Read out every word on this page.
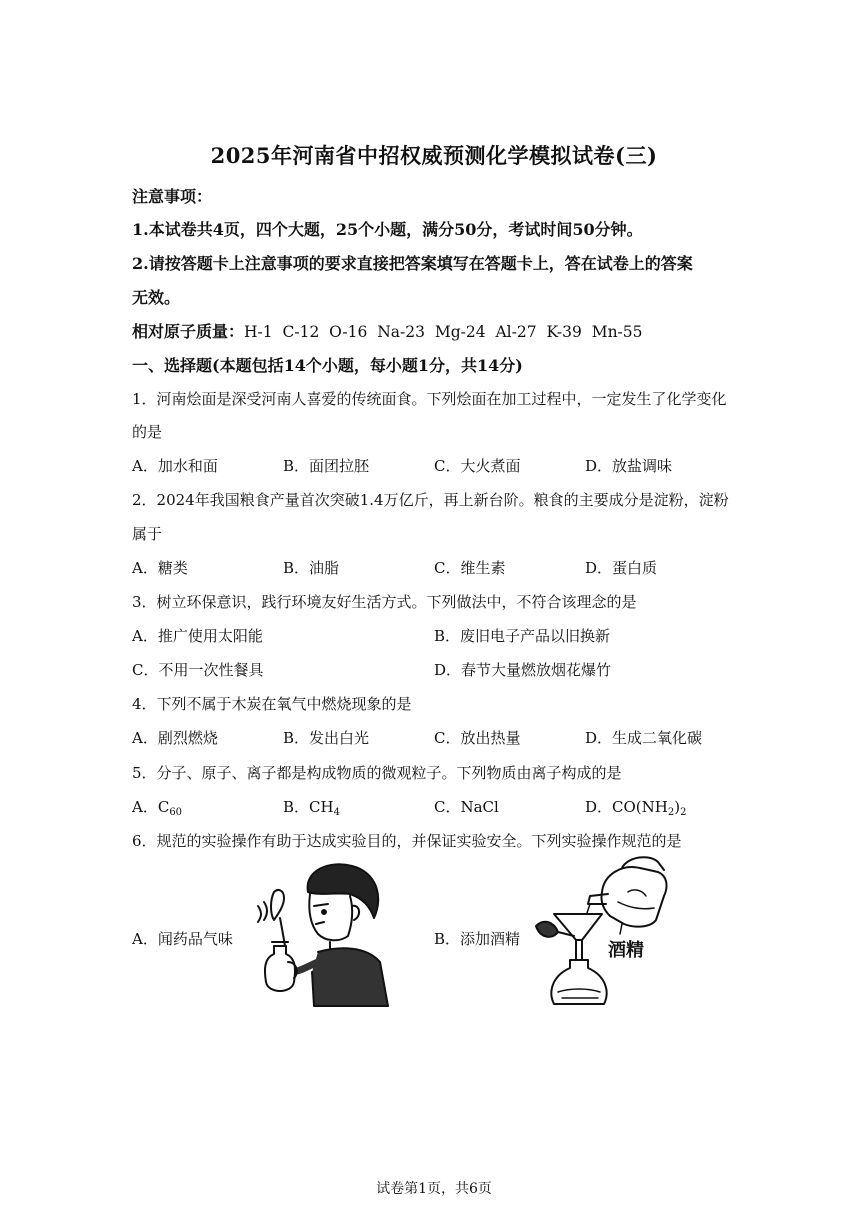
2025年河南省中招权威预测化学模拟试卷(三)
注意事项：
1.本试卷共4页，四个大题，25个小题，满分50分，考试时间50分钟。
2.请按答题卡上注意事项的要求直接把答案填写在答题卡上，答在试卷上的答案
无效。
相对原子质量：H-1  C-12  O-16  Na-23  Mg-24  Al-27  K-39  Mn-55
一、选择题(本题包括14个小题，每小题1分，共14分)
1．河南烩面是深受河南人喜爱的传统面食。下列烩面在加工过程中，一定发生了化学变化
的是
A．加水和面	B．面团拉胚	C．大火煮面	D．放盐调味
2．2024年我国粮食产量首次突破1.4万亿斤，再上新台阶。粮食的主要成分是淀粉，淀粉
属于
A．糖类	B．油脂	C．维生素	D．蛋白质
3．树立环保意识，践行环境友好生活方式。下列做法中，不符合该理念的是
A．推广使用太阳能	B．废旧电子产品以旧换新
C．不用一次性餐具	D．春节大量燃放烟花爆竹
4．下列不属于木炭在氧气中燃烧现象的是
A．剧烈燃烧	B．发出白光	C．放出热量	D．生成二氧化碳
5．分子、原子、离子都是构成物质的微观粒子。下列物质由离子构成的是
A．$C_{60}$	B．$CH_4$	C．NaCl	D．$CO(NH_2)_2$
6．规范的实验操作有助于达成实验目的，并保证实验安全。下列实验操作规范的是
A．闻药品气味	B．添加酒精
酒精
试卷第1页，共6页
